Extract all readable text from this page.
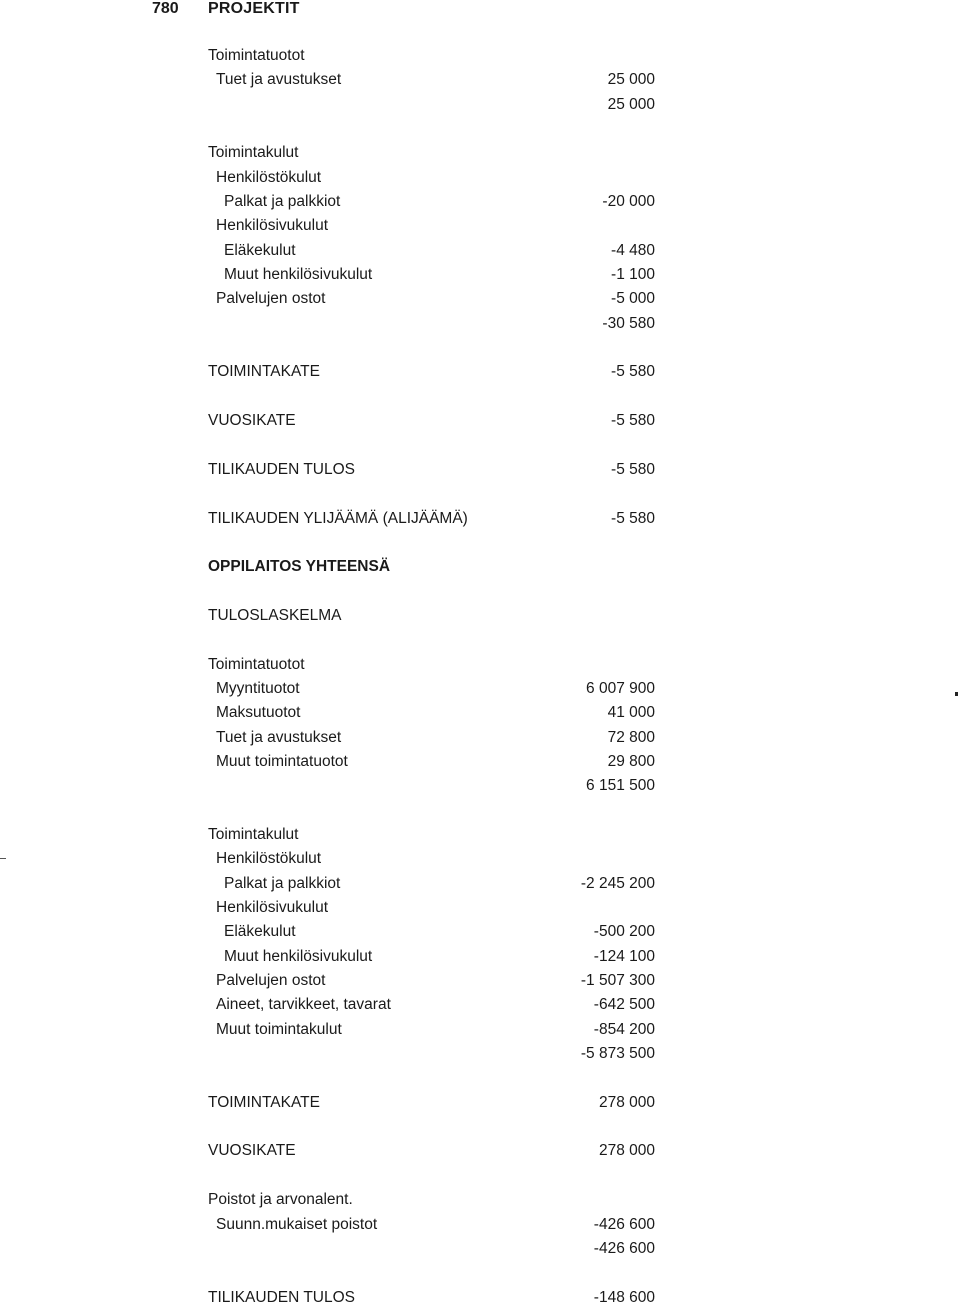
780 PROJEKTIT
Toimintatuotot
Tuet ja avustukset	25 000
25 000
Toimintakulut
Henkilöstökulut
Palkat ja palkkiot	-20 000
Henkilösivukulut
Eläkekulut	-4 480
Muut henkilösivukulut	-1 100
Palvelujen ostot	-5 000
-30 580
TOIMINTAKATE	-5 580
VUOSIKATE	-5 580
TILIKAUDEN TULOS	-5 580
TILIKAUDEN YLIJÄÄMÄ (ALIJÄÄMÄ)	-5 580
OPPILAITOS YHTEENSÄ
TULOSLASKELMA
Toimintatuotot
Myyntituotot	6 007 900
Maksutuotot	41 000
Tuet ja avustukset	72 800
Muut toimintatuotot	29 800
6 151 500
Toimintakulut
Henkilöstökulut
Palkat ja palkkiot	-2 245 200
Henkilösivukulut
Eläkekulut	-500 200
Muut henkilösivukulut	-124 100
Palvelujen ostot	-1 507 300
Aineet, tarvikkeet, tavarat	-642 500
Muut toimintakulut	-854 200
-5 873 500
TOIMINTAKATE	278 000
VUOSIKATE	278 000
Poistot ja arvonalent.
Suunn.mukaiset poistot	-426 600
-426 600
TILIKAUDEN TULOS	-148 600
